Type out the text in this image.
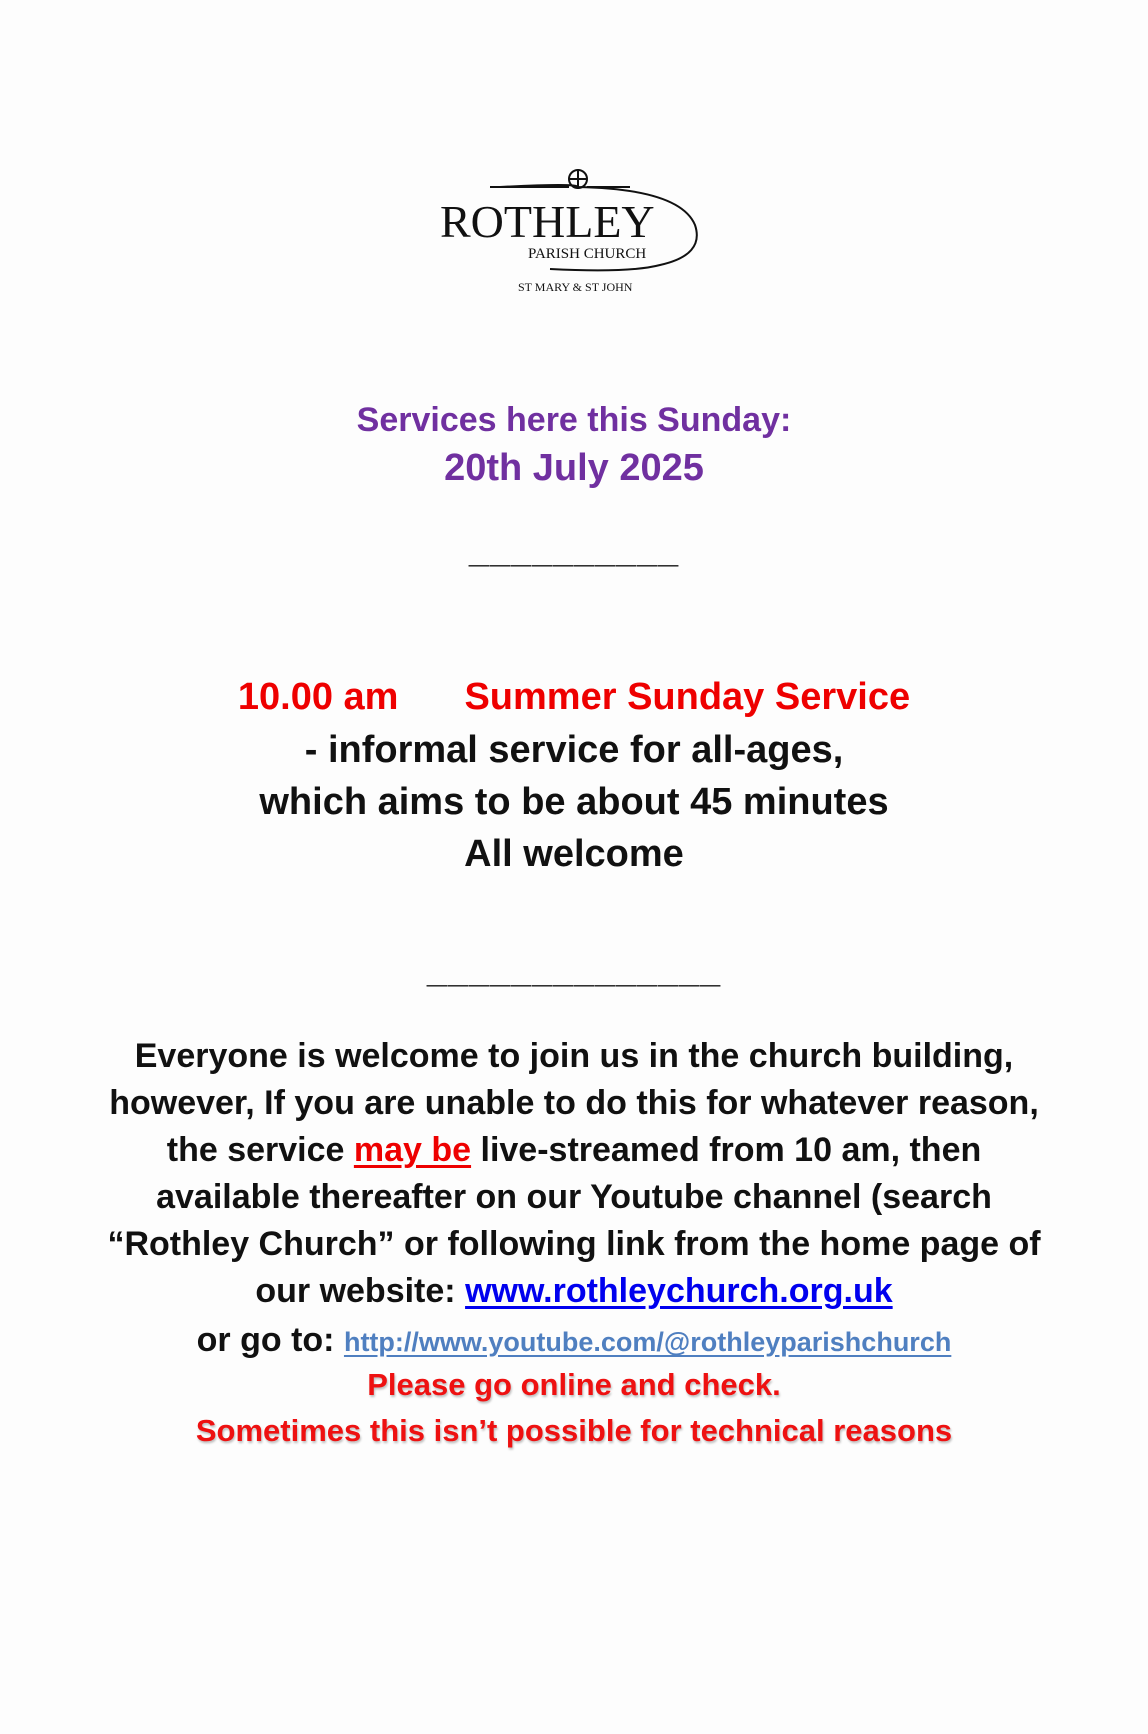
ROTHLEY
PARISH CHURCH
ST MARY & ST JOHN
Services here this Sunday:
20th July 2025
__________
10.00 am Summer Sunday Service
- informal service for all-ages,
which aims to be about 45 minutes
All welcome
______________
Everyone is welcome to join us in the church building,
however, If you are unable to do this for whatever reason,
the service may be live-streamed from 10 am, then
available thereafter on our Youtube channel (search
“Rothley Church” or following link from the home page of
our website: www.rothleychurch.org.uk
or go to: http://www.youtube.com/@rothleyparishchurch
Please go online and check.
Sometimes this isn’t possible for technical reasons
